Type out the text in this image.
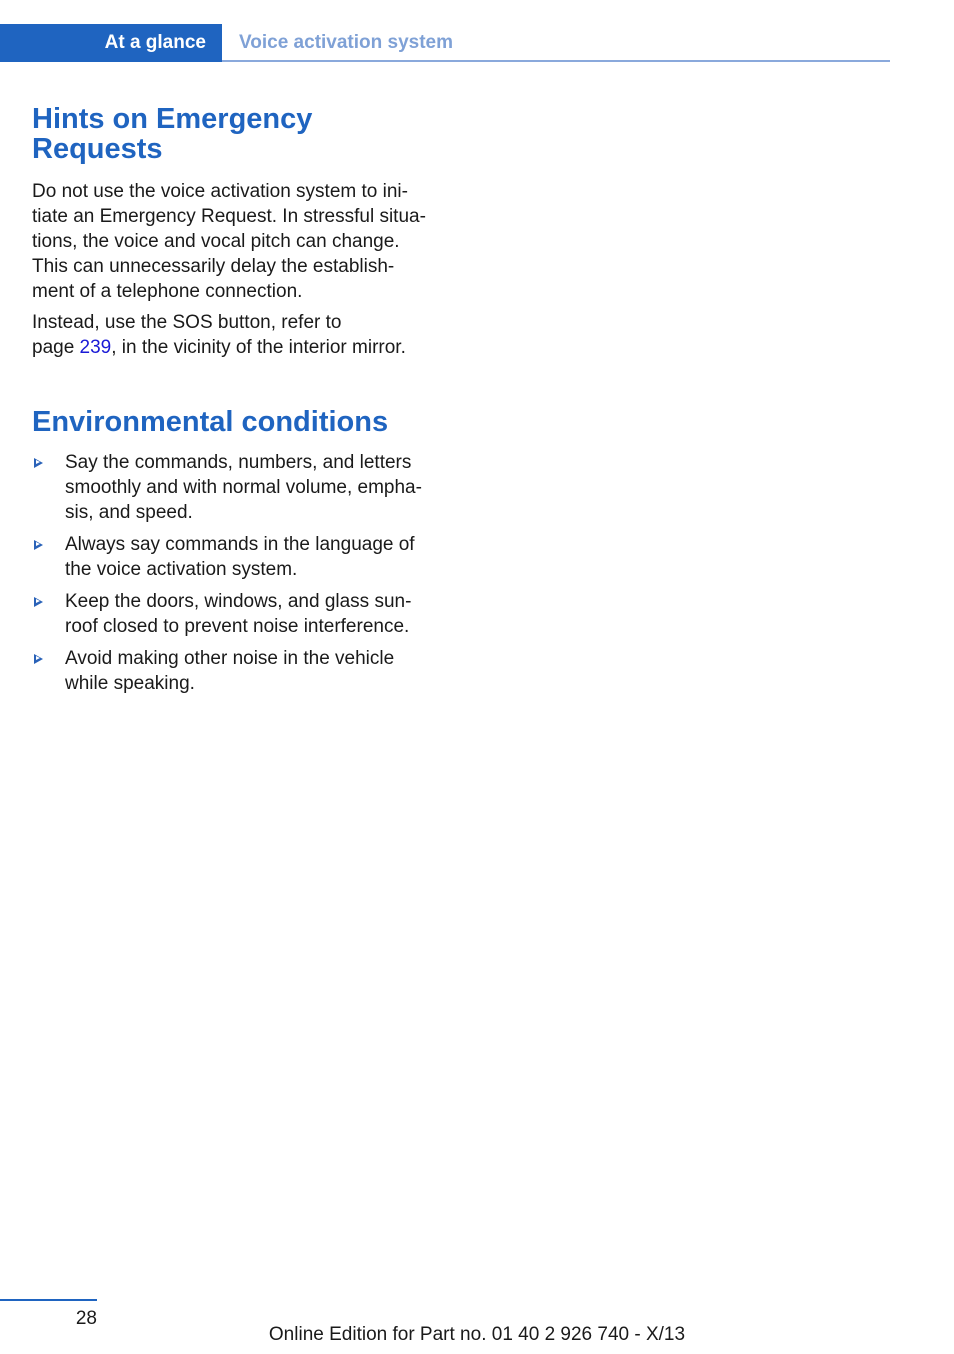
At a glance	Voice activation system
Hints on Emergency
Requests

Do not use the voice activation system to ini-
tiate an Emergency Request. In stressful situa-
tions, the voice and vocal pitch can change.
This can unnecessarily delay the establish-
ment of a telephone connection.

Instead, use the SOS button, refer to
page 239, in the vicinity of the interior mirror.

Environmental conditions
Say the commands, numbers, and letters
smoothly and with normal volume, empha-
sis, and speed.
Always say commands in the language of
the voice activation system.
Keep the doors, windows, and glass sun-
roof closed to prevent noise interference.
Avoid making other noise in the vehicle
while speaking.
28
Online Edition for Part no. 01 40 2 926 740 - X/13
